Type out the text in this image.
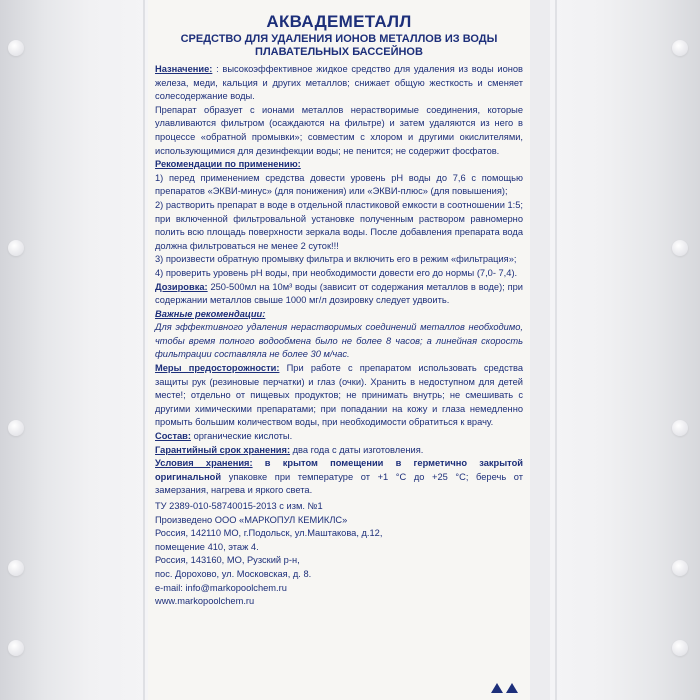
АКВАДЕМЕТАЛЛ

СРЕДСТВО ДЛЯ УДАЛЕНИЯ ИОНОВ МЕТАЛЛОВ ИЗ ВОДЫ
ПЛАВАТЕЛЬНЫХ БАССЕЙНОВ

Назначение: : высокоэффективное жидкое средство для удаления из воды ионов железа, меди, кальция и других металлов; снижает общую жесткость и сменяет солесодержание воды.

Препарат образует с ионами металлов нерастворимые соединения, которые улавливаются фильтром (осаждаются на фильтре) и затем удаляются из него в процессе «обратной промывки»; совместим с хлором и другими окислителями, использующимися для дезинфекции воды; не пенится; не содержит фосфатов.

Рекомендации по применению:

1) перед применением средства довести уровень pH воды до 7,6 с помощью препаратов «ЭКВИ-минус» (для понижения) или «ЭКВИ-плюс» (для повышения);

2) растворить препарат в воде в отдельной пластиковой емкости в соотношении 1:5; при включенной фильтровальной установке полученным раствором равномерно полить всю площадь поверхности зеркала воды. После добавления препарата вода должна фильтроваться не менее 2 суток!!!

3) произвести обратную промывку фильтра и включить его в режим «фильтрация»;

4) проверить уровень pH воды, при необходимости довести его до нормы (7,0- 7,4).

Дозировка: 250-500мл на 10м³ воды (зависит от содержания металлов в воде); при содержании металлов свыше 1000 мг/л дозировку следует удвоить.

Важные рекомендации:

Для эффективного удаления нерастворимых соединений металлов необходимо, чтобы время полного водообмена было не более 8 часов; а линейная скорость фильтрации составляла не более 30 м/час.

Меры предосторожности: При работе с препаратом использовать средства защиты рук (резиновые перчатки) и глаз (очки). Хранить в недоступном для детей месте!; отдельно от пищевых продуктов; не принимать внутрь; не смешивать с другими химическими препаратами; при попадании на кожу и глаза немедленно промыть большим количеством воды, при необходимости обратиться к врачу.

Состав: органические кислоты.

Гарантийный срок хранения: два года с даты изготовления.

Условия хранения: в крытом помещении в герметично закрытой оригинальной упаковке при температуре от +1 °С до +25 °С; беречь от замерзания, нагрева и яркого света.

ТУ 2389-010-58740015-2013 с изм. №1

Произведено ООО «МАРКОПУЛ КЕМИКЛС»

Россия, 142110 МО, г.Подольск, ул.Маштакова, д.12,

помещение 410, этаж 4.

Россия, 143160, МО, Рузский р-н,

пос. Дорохово, ул. Московская, д. 8.

e-mail: info@markopoolchem.ru

www.markopoolchem.ru
